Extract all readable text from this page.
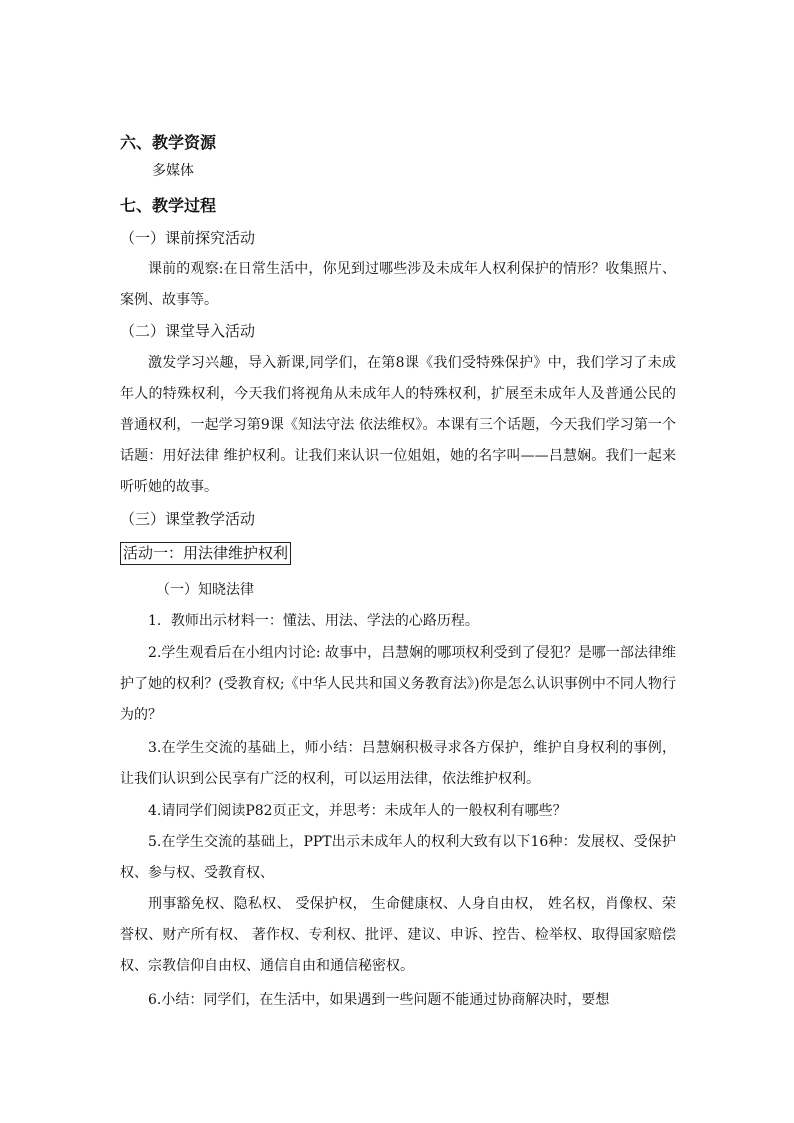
六、教学资源
多媒体
七、教学过程
（一）课前探究活动
课前的观察:在日常生活中，你见到过哪些涉及未成年人权利保护的情形？收集照片、案例、故事等。
（二）课堂导入活动
激发学习兴趣，导入新课,同学们，在第8课《我们受特殊保护》中，我们学习了未成年人的特殊权利，今天我们将视角从未成年人的特殊权利，扩展至未成年人及普通公民的普通权利，一起学习第9课《知法守法 依法维权》。本课有三个话题，今天我们学习第一个话题：用好法律 维护权利。让我们来认识一位姐姐，她的名字叫——吕慧娴。我们一起来听听她的故事。
（三）课堂教学活动
活动一：用法律维护权利
（一）知晓法律
1．教师出示材料一：懂法、用法、学法的心路历程。
2.学生观看后在小组内讨论: 故事中，吕慧娴的哪项权利受到了侵犯？是哪一部法律维护了她的权利？(受教育权;《中华人民共和国义务教育法》)你是怎么认识事例中不同人物行为的？
3.在学生交流的基础上，师小结：吕慧娴积极寻求各方保护，维护自身权利的事例，让我们认识到公民享有广泛的权利，可以运用法律，依法维护权利。
4.请同学们阅读P82页正文，并思考：未成年人的一般权利有哪些？
5.在学生交流的基础上，PPT出示未成年人的权利大致有以下16种：发展权、受保护权、参与权、受教育权、
刑事豁免权、隐私权、 受保护权， 生命健康权、人身自由权， 姓名权，肖像权、荣誉权、财产所有权、 著作权、专利权、批评、建议、申诉、控告、检举权、取得国家赔偿权、宗教信仰自由权、通信自由和通信秘密权。
6.小结：同学们，在生活中，如果遇到一些问题不能通过协商解决时，要想
